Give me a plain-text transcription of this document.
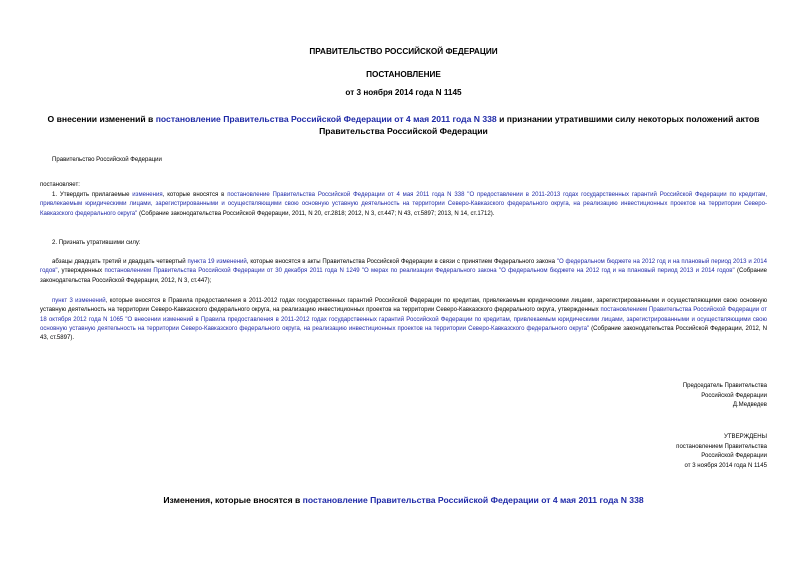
ПРАВИТЕЛЬСТВО РОССИЙСКОЙ ФЕДЕРАЦИИ
ПОСТАНОВЛЕНИЕ
от 3 ноября 2014 года N 1145
О внесении изменений в постановление Правительства Российской Федерации от 4 мая 2011 года N 338 и признании утратившими силу некоторых положений актов Правительства Российской Федерации
Правительство Российской Федерации
постановляет:
1. Утвердить прилагаемые изменения, которые вносятся в постановление Правительства Российской Федерации от 4 мая 2011 года N 338 "О предоставлении в 2011-2013 годах государственных гарантий Российской Федерации по кредитам, привлекаемым юридическими лицами, зарегистрированными и осуществляющими свою основную уставную деятельность на территории Северо-Кавказского федерального округа, на реализацию инвестиционных проектов на территории Северо-Кавказского федерального округа" (Собрание законодательства Российской Федерации, 2011, N 20, ст.2818; 2012, N 3, ст.447; N 43, ст.5897; 2013, N 14, ст.1712).
2. Признать утратившими силу:
абзацы двадцать третий и двадцать четвертый пункта 19 изменений, которые вносятся в акты Правительства Российской Федерации в связи с принятием Федерального закона "О федеральном бюджете на 2012 год и на плановый период 2013 и 2014 годов", утвержденных постановлением Правительства Российской Федерации от 30 декабря 2011 года N 1249 "О мерах по реализации Федерального закона "О федеральном бюджете на 2012 год и на плановый период 2013 и 2014 годов" (Собрание законодательства Российской Федерации, 2012, N 3, ст.447);
пункт 3 изменений, которые вносятся в Правила предоставления в 2011-2012 годах государственных гарантий Российской Федерации по кредитам, привлекаемым юридическими лицами, зарегистрированными и осуществляющими свою основную уставную деятельность на территории Северо-Кавказского федерального округа, на реализацию инвестиционных проектов на территории Северо-Кавказского федерального округа, утвержденных постановлением Правительства Российской Федерации от 18 октября 2012 года N 1065 "О внесении изменений в Правила предоставления в 2011-2012 годах государственных гарантий Российской Федерации по кредитам, привлекаемым юридическими лицами, зарегистрированными и осуществляющими свою основную уставную деятельность на территории Северо-Кавказского федерального округа, на реализацию инвестиционных проектов на территории Северо-Кавказского федерального округа" (Собрание законодательства Российской Федерации, 2012, N 43, ст.5897).
Председатель Правительства
Российской Федерации
Д.Медведев
УТВЕРЖДЕНЫ
постановлением Правительства
Российской Федерации
от 3 ноября 2014 года N 1145
Изменения, которые вносятся в постановление Правительства Российской Федерации от 4 мая 2011 года N 338
